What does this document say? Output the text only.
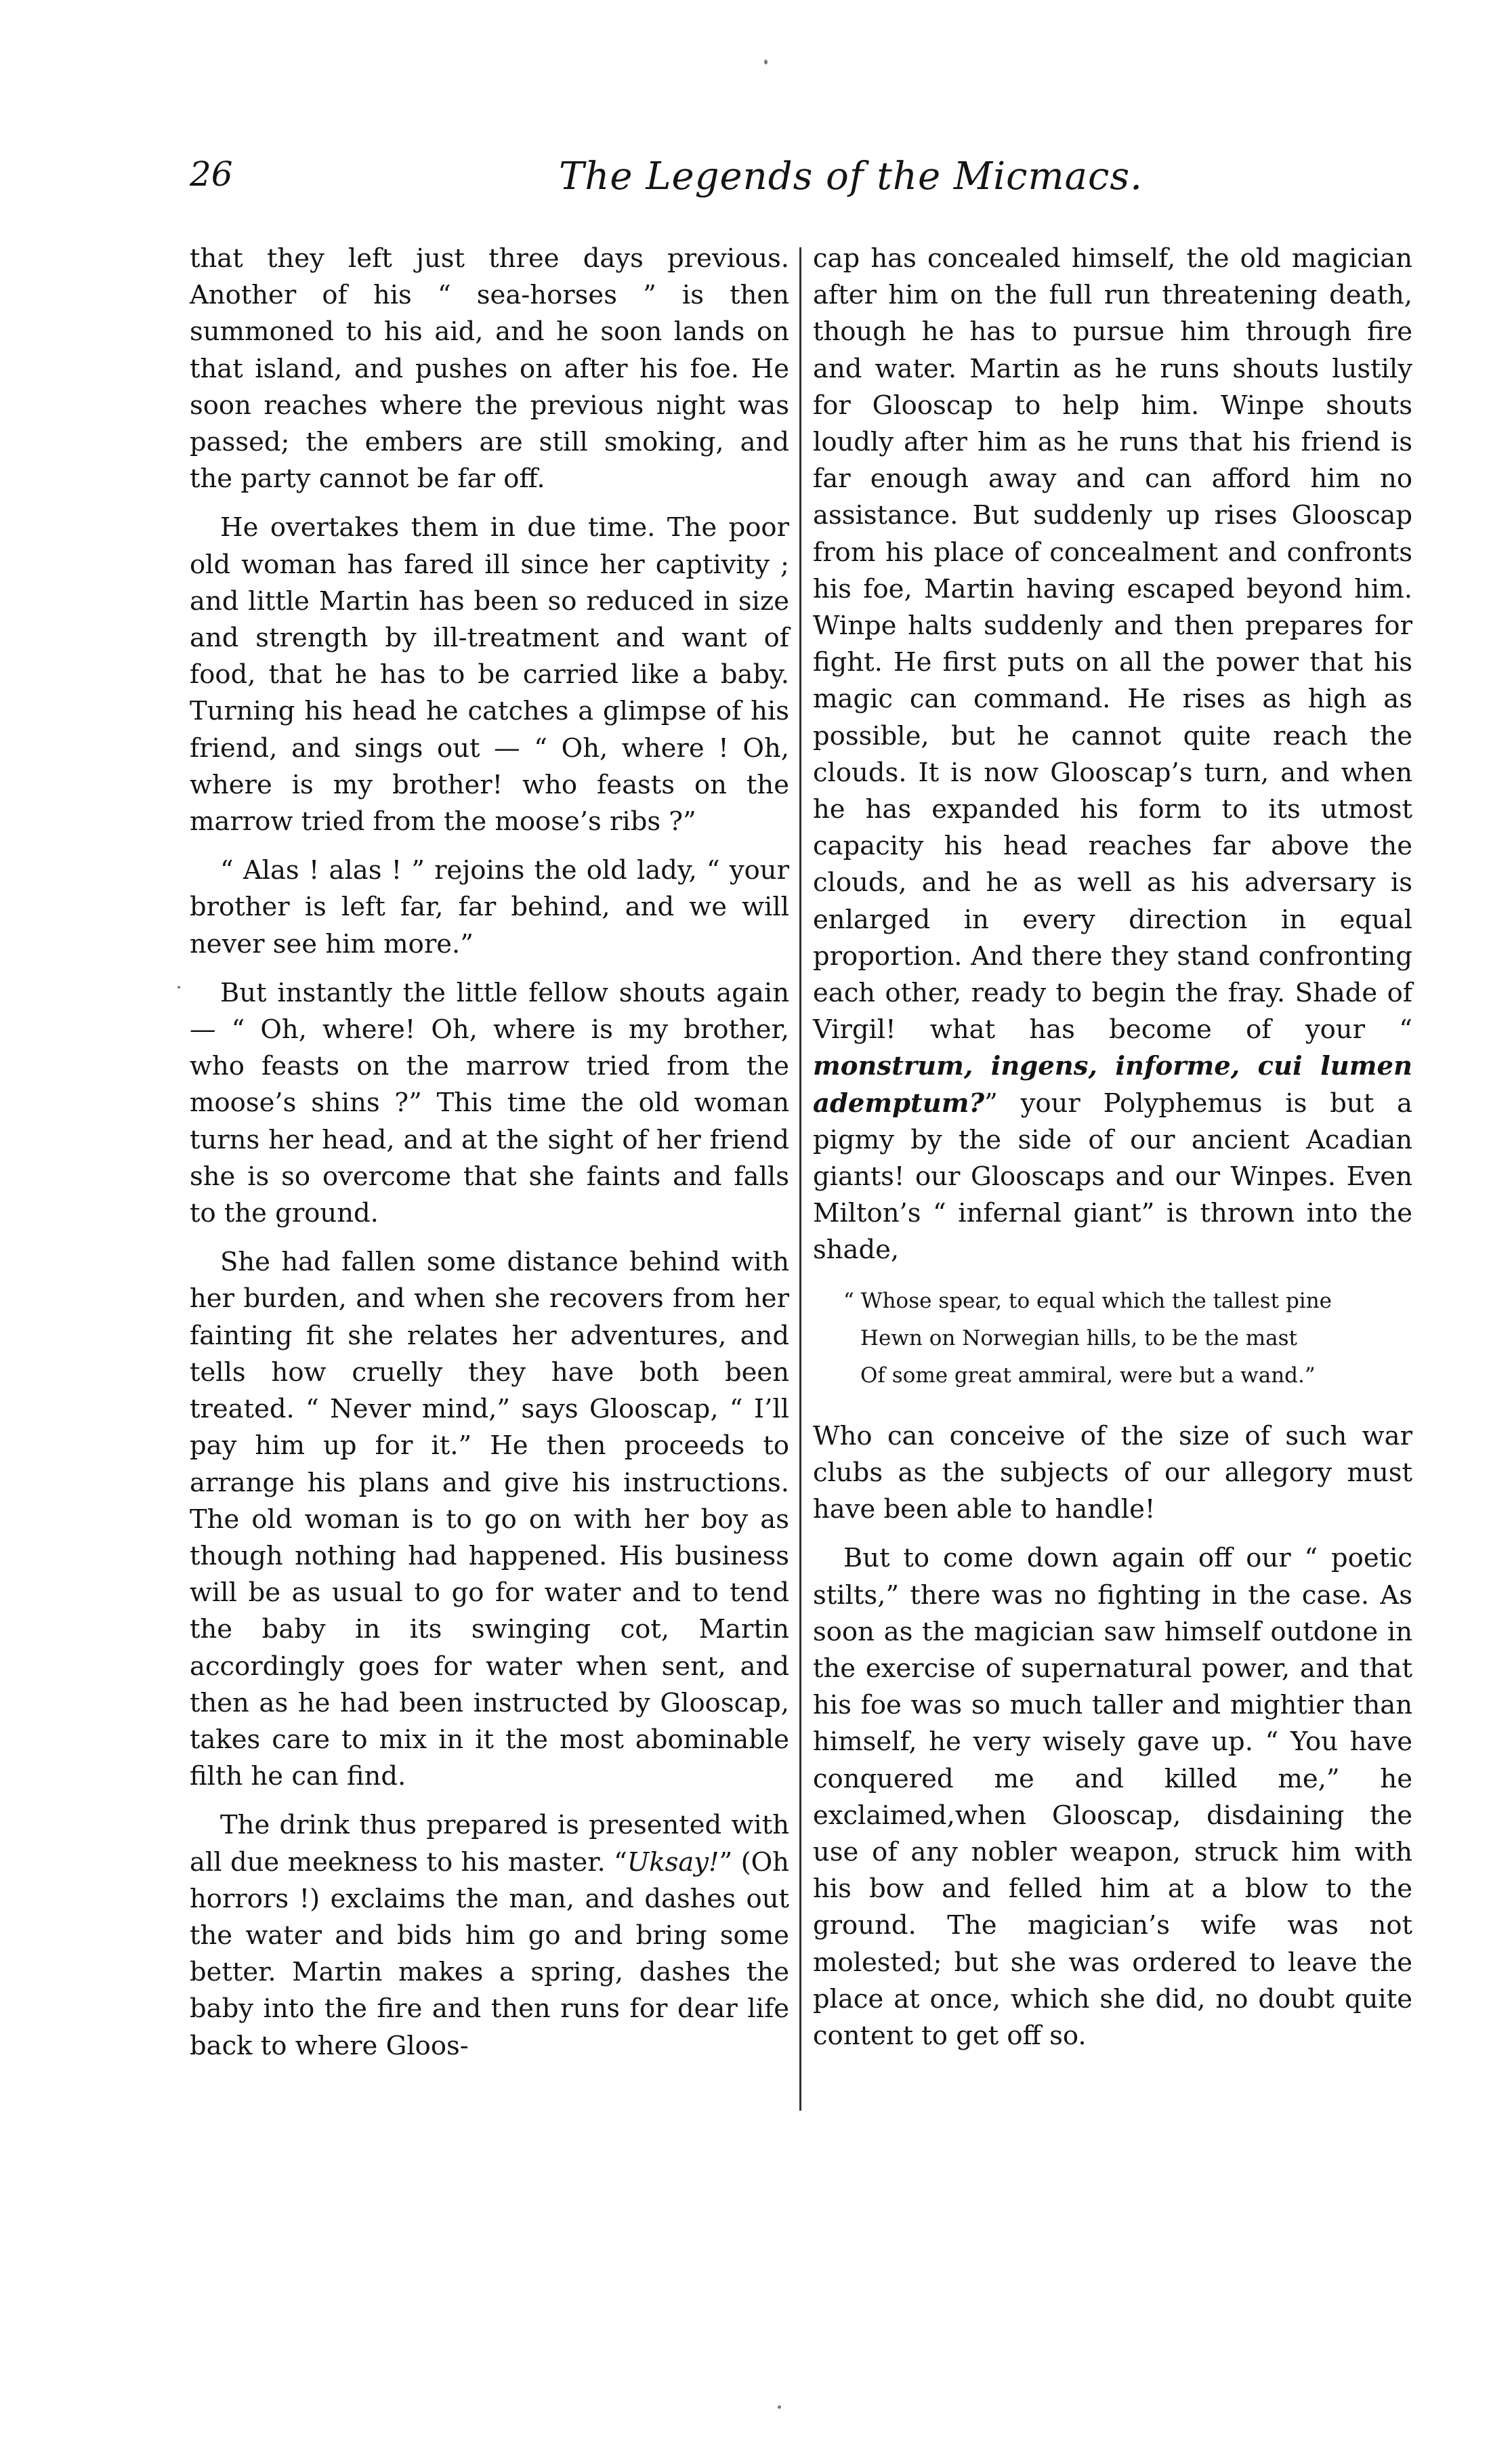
26	The Legends of the Micmacs.

that they left just three days previous. Another of his “ sea-horses ” is then summoned to his aid, and he soon lands on that island, and pushes on after his foe. He soon reaches where the previous night was passed; the embers are still smoking, and the party cannot be far off.

He overtakes them in due time. The poor old woman has fared ill since her captivity ; and little Martin has been so reduced in size and strength by ill-treatment and want of food, that he has to be carried like a baby. Turning his head he catches a glimpse of his friend, and sings out — “ Oh, where ! Oh, where is my brother! who feasts on the marrow tried from the moose’s ribs ?”

“ Alas ! alas ! ” rejoins the old lady, “ your brother is left far, far behind, and we will never see him more.”

But instantly the little fellow shouts again — “ Oh, where! Oh, where is my brother, who feasts on the marrow tried from the moose’s shins ?” This time the old woman turns her head, and at the sight of her friend she is so overcome that she faints and falls to the ground.

She had fallen some distance behind with her burden, and when she recovers from her fainting fit she relates her adventures, and tells how cruelly they have both been treated. “ Never mind,” says Glooscap, “ I’ll pay him up for it.” He then proceeds to arrange his plans and give his instructions. The old woman is to go on with her boy as though nothing had happened. His business will be as usual to go for water and to tend the baby in its swinging cot, Martin accordingly goes for water when sent, and then as he had been instructed by Glooscap, takes care to mix in it the most abominable filth he can find.

The drink thus prepared is presented with all due meekness to his master. “Uksay!” (Oh horrors !) exclaims the man, and dashes out the water and bids him go and bring some better. Martin makes a spring, dashes the baby into the fire and then runs for dear life back to where Gloos-

cap has concealed himself, the old magician after him on the full run threatening death, though he has to pursue him through fire and water. Martin as he runs shouts lustily for Glooscap to help him. Winpe shouts loudly after him as he runs that his friend is far enough away and can afford him no assistance. But suddenly up rises Glooscap from his place of concealment and confronts his foe, Martin having escaped beyond him. Winpe halts suddenly and then prepares for fight. He first puts on all the power that his magic can command. He rises as high as possible, but he cannot quite reach the clouds. It is now Glooscap’s turn, and when he has expanded his form to its utmost capacity his head reaches far above the clouds, and he as well as his adversary is enlarged in every direction in equal proportion. And there they stand confronting each other, ready to begin the fray. Shade of Virgil! what has become of your “ monstrum, ingens, informe, cui lumen ademptum?” your Polyphemus is but a pigmy by the side of our ancient Acadian giants! our Glooscaps and our Winpes. Even Milton’s “ infernal giant” is thrown into the shade,

“ Whose spear, to equal which the tallest pine
Hewn on Norwegian hills, to be the mast
Of some great ammiral, were but a wand.”

Who can conceive of the size of such war clubs as the subjects of our allegory must have been able to handle!

But to come down again off our “ poetic stilts,” there was no fighting in the case. As soon as the magician saw himself outdone in the exercise of supernatural power, and that his foe was so much taller and mightier than himself, he very wisely gave up. “ You have conquered me and killed me,” he exclaimed,when Glooscap, disdaining the use of any nobler weapon, struck him with his bow and felled him at a blow to the ground. The magician’s wife was not molested; but she was ordered to leave the place at once, which she did, no doubt quite content to get off so.
